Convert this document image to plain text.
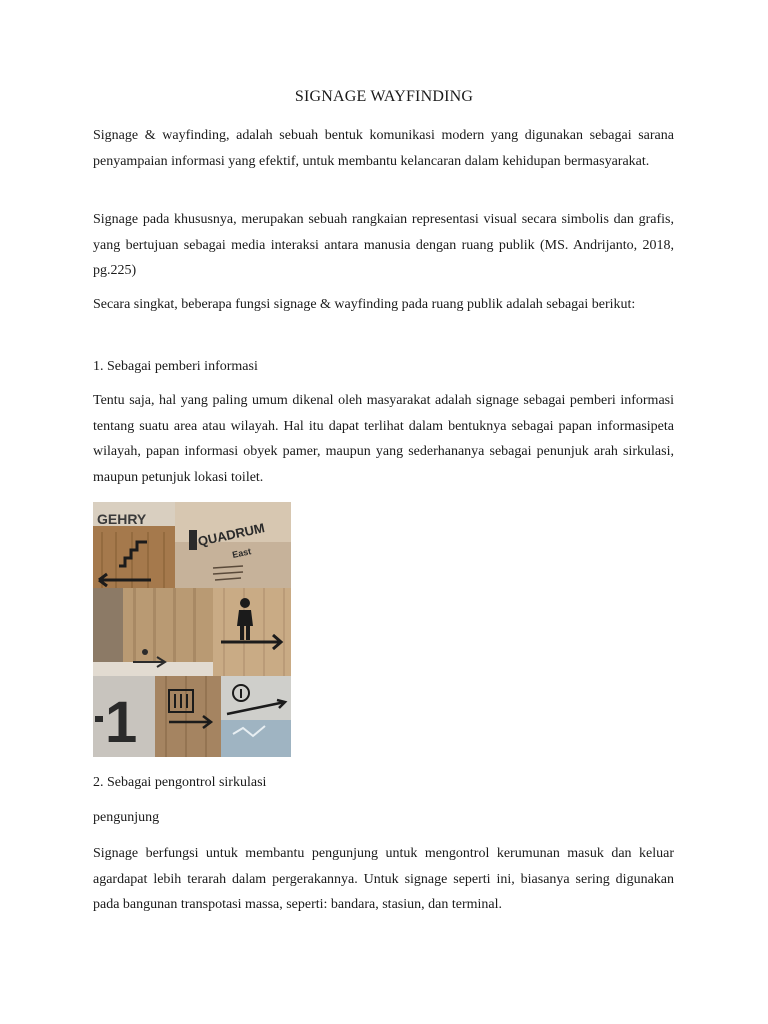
SIGNAGE WAYFINDING

Signage & wayfinding, adalah sebuah bentuk komunikasi modern yang digunakan sebagai sarana penyampaian informasi yang efektif, untuk membantu kelancaran dalam kehidupan bermasyarakat.

Signage pada khususnya, merupakan sebuah rangkaian representasi visual secara simbolis dan grafis, yang bertujuan sebagai media interaksi antara manusia dengan ruang publik (MS. Andrijanto, 2018, pg.225)

Secara singkat, beberapa fungsi signage & wayfinding pada ruang publik adalah sebagai berikut:

1. Sebagai pemberi informasi

Tentu saja, hal yang paling umum dikenal oleh masyarakat adalah signage sebagai pemberi informasi tentang suatu area atau wilayah. Hal itu dapat terlihat dalam bentuknya sebagai papan informasipeta wilayah, papan informasi obyek pamer, maupun yang sederhananya sebagai penunjuk arah sirkulasi, maupun petunjuk lokasi toilet.

GEHRY
QUADRUM
East
1
2. Sebagai pengontrol sirkulasi
pengunjung

Signage berfungsi untuk membantu pengunjung untuk mengontrol kerumunan masuk dan keluar agardapat lebih terarah dalam pergerakannya. Untuk signage seperti ini, biasanya sering digunakan pada bangunan transpotasi massa, seperti: bandara, stasiun, dan terminal.
